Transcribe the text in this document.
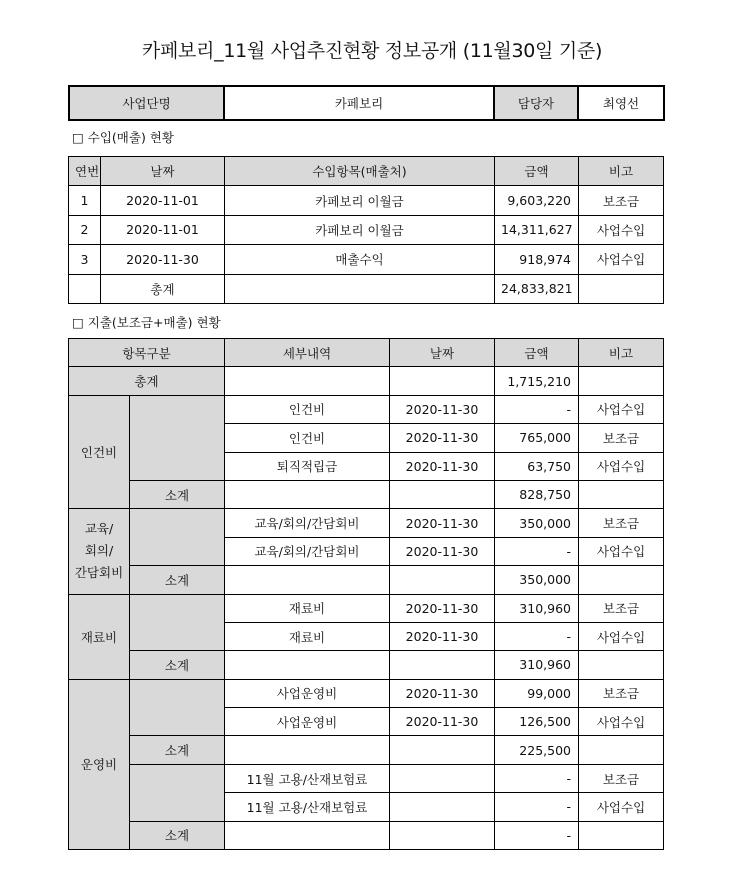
카페보리_11월 사업추진현황 정보공개 (11월30일 기준)
사업단명	카페보리	담당자	최영선
□ 수입(매출) 현황
연번	날짜	수입항목(매출처)	금액	비고
1	2020-11-01	카페보리 이월금	9,603,220	보조금
2	2020-11-01	카페보리 이월금	14,311,627	사업수입
3	2020-11-30	매출수익	918,974	사업수입
	총계		24,833,821	
□ 지출(보조금+매출) 현황
항목구분		세부내역	날짜	금액	비고
총계				1,715,210	
인건비		인건비	2020-11-30	-	사업수입
		인건비	2020-11-30	765,000	보조금
		퇴직적립금	2020-11-30	63,750	사업수입
	소계			828,750	
교육/
회의/
간담회비		교육/회의/간담회비	2020-11-30	350,000	보조금
		교육/회의/간담회비	2020-11-30	-	사업수입
	소계			350,000	
재료비		재료비	2020-11-30	310,960	보조금
		재료비	2020-11-30	-	사업수입
	소계			310,960	
운영비		사업운영비	2020-11-30	99,000	보조금
		사업운영비	2020-11-30	126,500	사업수입
	소계			225,500	
		11월 고용/산재보험료		-	보조금
		11월 고용/산재보험료		-	사업수입
	소계			-	
